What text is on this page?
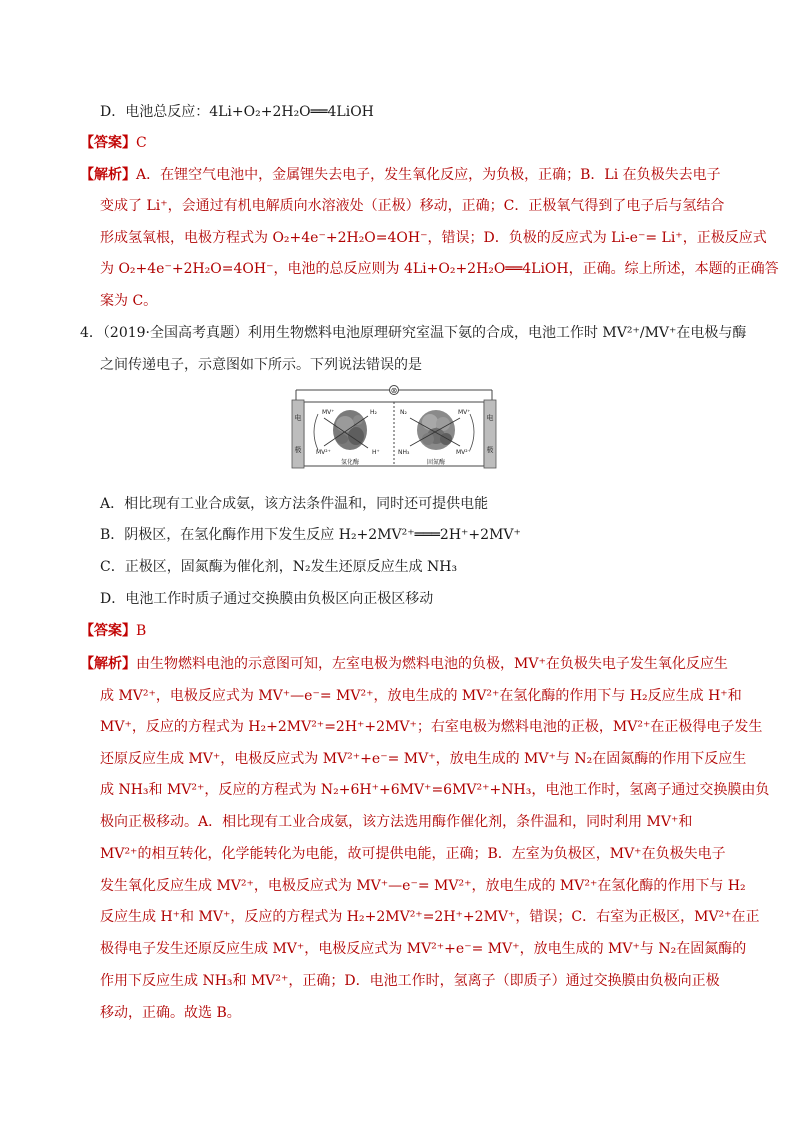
D．电池总反应：4Li+O₂+2H₂O══4LiOH
【答案】C
【解析】A．在锂空气电池中，金属锂失去电子，发生氧化反应，为负极，正确；B．Li 在负极失去电子
变成了 Li⁺，会通过有机电解质向水溶液处（正极）移动，正确；C．正极氧气得到了电子后与氢结合
形成氢氧根，电极方程式为 O₂+4e⁻+2H₂O=4OH⁻，错误；D．负极的反应式为 Li-e⁻= Li⁺，正极反应式
为 O₂+4e⁻+2H₂O=4OH⁻，电池的总反应则为 4Li+O₂+2H₂O══4LiOH，正确。综上所述，本题的正确答
案为 C。
4．（2019·全国高考真题）利用生物燃料电池原理研究室温下氨的合成，电池工作时 MV²⁺/MV⁺在电极与酶
之间传递电子，示意图如下所示。下列说法错误的是
⊗
电
极
电
极
MV⁺	H₂
MV²⁺	H⁺
N₂	MV⁺
NH₃	MV²⁺
氢化酶	固氮酶
A．相比现有工业合成氨，该方法条件温和，同时还可提供电能
B．阴极区，在氢化酶作用下发生反应 H₂+2MV²⁺═══2H⁺+2MV⁺
C．正极区，固氮酶为催化剂，N₂发生还原反应生成 NH₃
D．电池工作时质子通过交换膜由负极区向正极区移动
【答案】B
【解析】由生物燃料电池的示意图可知，左室电极为燃料电池的负极，MV⁺在负极失电子发生氧化反应生
成 MV²⁺，电极反应式为 MV⁺—e⁻= MV²⁺，放电生成的 MV²⁺在氢化酶的作用下与 H₂反应生成 H⁺和
MV⁺，反应的方程式为 H₂+2MV²⁺=2H⁺+2MV⁺；右室电极为燃料电池的正极，MV²⁺在正极得电子发生
还原反应生成 MV⁺，电极反应式为 MV²⁺+e⁻= MV⁺，放电生成的 MV⁺与 N₂在固氮酶的作用下反应生
成 NH₃和 MV²⁺，反应的方程式为 N₂+6H⁺+6MV⁺=6MV²⁺+NH₃，电池工作时，氢离子通过交换膜由负
极向正极移动。A．相比现有工业合成氨，该方法选用酶作催化剂，条件温和，同时利用 MV⁺和
MV²⁺的相互转化，化学能转化为电能，故可提供电能，正确；B．左室为负极区，MV⁺在负极失电子
发生氧化反应生成 MV²⁺，电极反应式为 MV⁺—e⁻= MV²⁺，放电生成的 MV²⁺在氢化酶的作用下与 H₂
反应生成 H⁺和 MV⁺，反应的方程式为 H₂+2MV²⁺=2H⁺+2MV⁺，错误；C．右室为正极区，MV²⁺在正
极得电子发生还原反应生成 MV⁺，电极反应式为 MV²⁺+e⁻= MV⁺，放电生成的 MV⁺与 N₂在固氮酶的
作用下反应生成 NH₃和 MV²⁺，正确；D．电池工作时，氢离子（即质子）通过交换膜由负极向正极
移动，正确。故选 B。
